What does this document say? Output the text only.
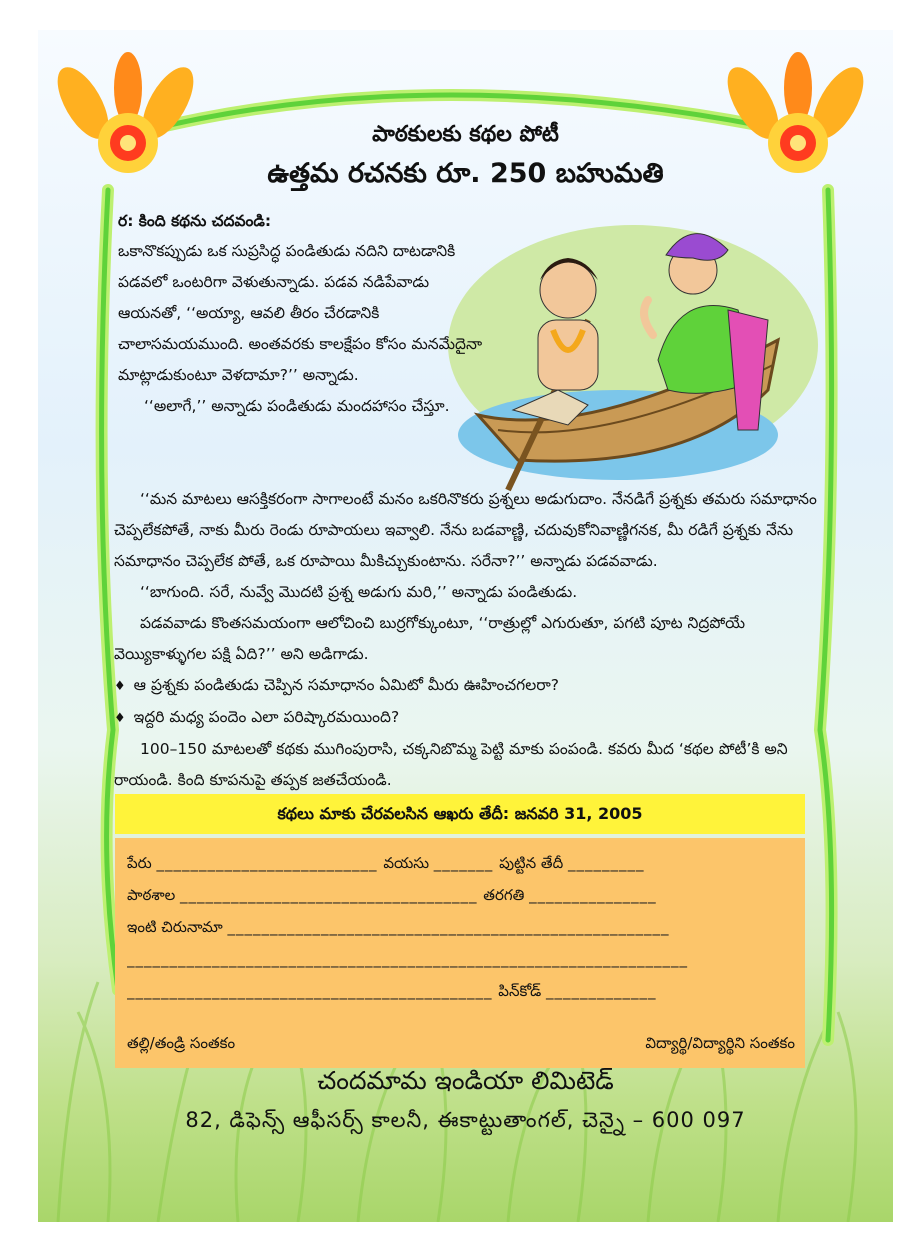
పాఠకులకు కథల పోటీ
ఉత్తమ రచనకు రూ. 250 బహుమతి
ర: కింది కథను చదవండి:

ఒకానొకప్పుడు ఒక సుప్రసిద్ధ పండితుడు నదిని దాటడానికి పడవలో ఒంటరిగా వెళుతున్నాడు. పడవ నడిపేవాడు ఆయనతో, ‘‘అయ్యా, ఆవలి తీరం చేరడానికి చాలాసమయముంది. అంతవరకు కాలక్షేపం కోసం మనమేదైనా మాట్లాడుకుంటూ వెళదామా?’’ అన్నాడు.

‘‘అలాగే,’’ అన్నాడు పండితుడు మందహాసం చేస్తూ.

‘‘మన మాటలు ఆసక్తికరంగా సాగాలంటే మనం ఒకరినొకరు ప్రశ్నలు అడుగుదాం. నేనడిగే ప్రశ్నకు తమరు సమాధానం చెప్పలేకపోతే, నాకు మీరు రెండు రూపాయలు ఇవ్వాలి. నేను బడవాణ్ణి, చదువుకోనివాణ్ణిగనక, మీ రడిగే ప్రశ్నకు నేను సమాధానం చెప్పలేక పోతే, ఒక రూపాయి మీకిచ్చుకుంటాను. సరేనా?’’ అన్నాడు పడవవాడు.

‘‘బాగుంది. సరే, నువ్వే మొదటి ప్రశ్న అడుగు మరి,’’ అన్నాడు పండితుడు.

పడవవాడు కొంతసమయంగా ఆలోచించి బుర్రగోక్కుంటూ, ‘‘రాత్రుల్లో ఎగురుతూ, పగటి పూట నిద్రపోయే వెయ్యికాళ్ళుగల పక్షి ఏది?’’ అని అడిగాడు.

♦ ఆ ప్రశ్నకు పండితుడు చెప్పిన సమాధానం ఏమిటో మీరు ఊహించగలరా?

♦ ఇద్దరి మధ్య పందెం ఎలా పరిష్కారమయింది?

100–150 మాటలతో కథకు ముగింపురాసి, చక్కనిబొమ్మ పెట్టి మాకు పంపండి. కవరు మీద ‘కథల పోటీ’కి అని రాయండి. కింది కూపనుపై తప్పక జతచేయండి.

కథలు మాకు చేరవలసిన ఆఖరు తేదీ: జనవరి 31, 2005
పేరు __________________________ వయసు _______ పుట్టిన తేదీ _________
పాఠశాల ___________________________________ తరగతి _______________
ఇంటి చిరునామా ____________________________________________________
__________________________________________________________________
___________________________________________ పిన్‌కోడ్ _____________
తల్లి/తండ్రి సంతకం	విద్యార్థి/విద్యార్థిని సంతకం
చందమామ ఇండియా లిమిటెడ్
82, డిఫెన్స్ ఆఫీసర్స్ కాలనీ, ఈకాట్టుతాంగల్, చెన్నై – 600 097
